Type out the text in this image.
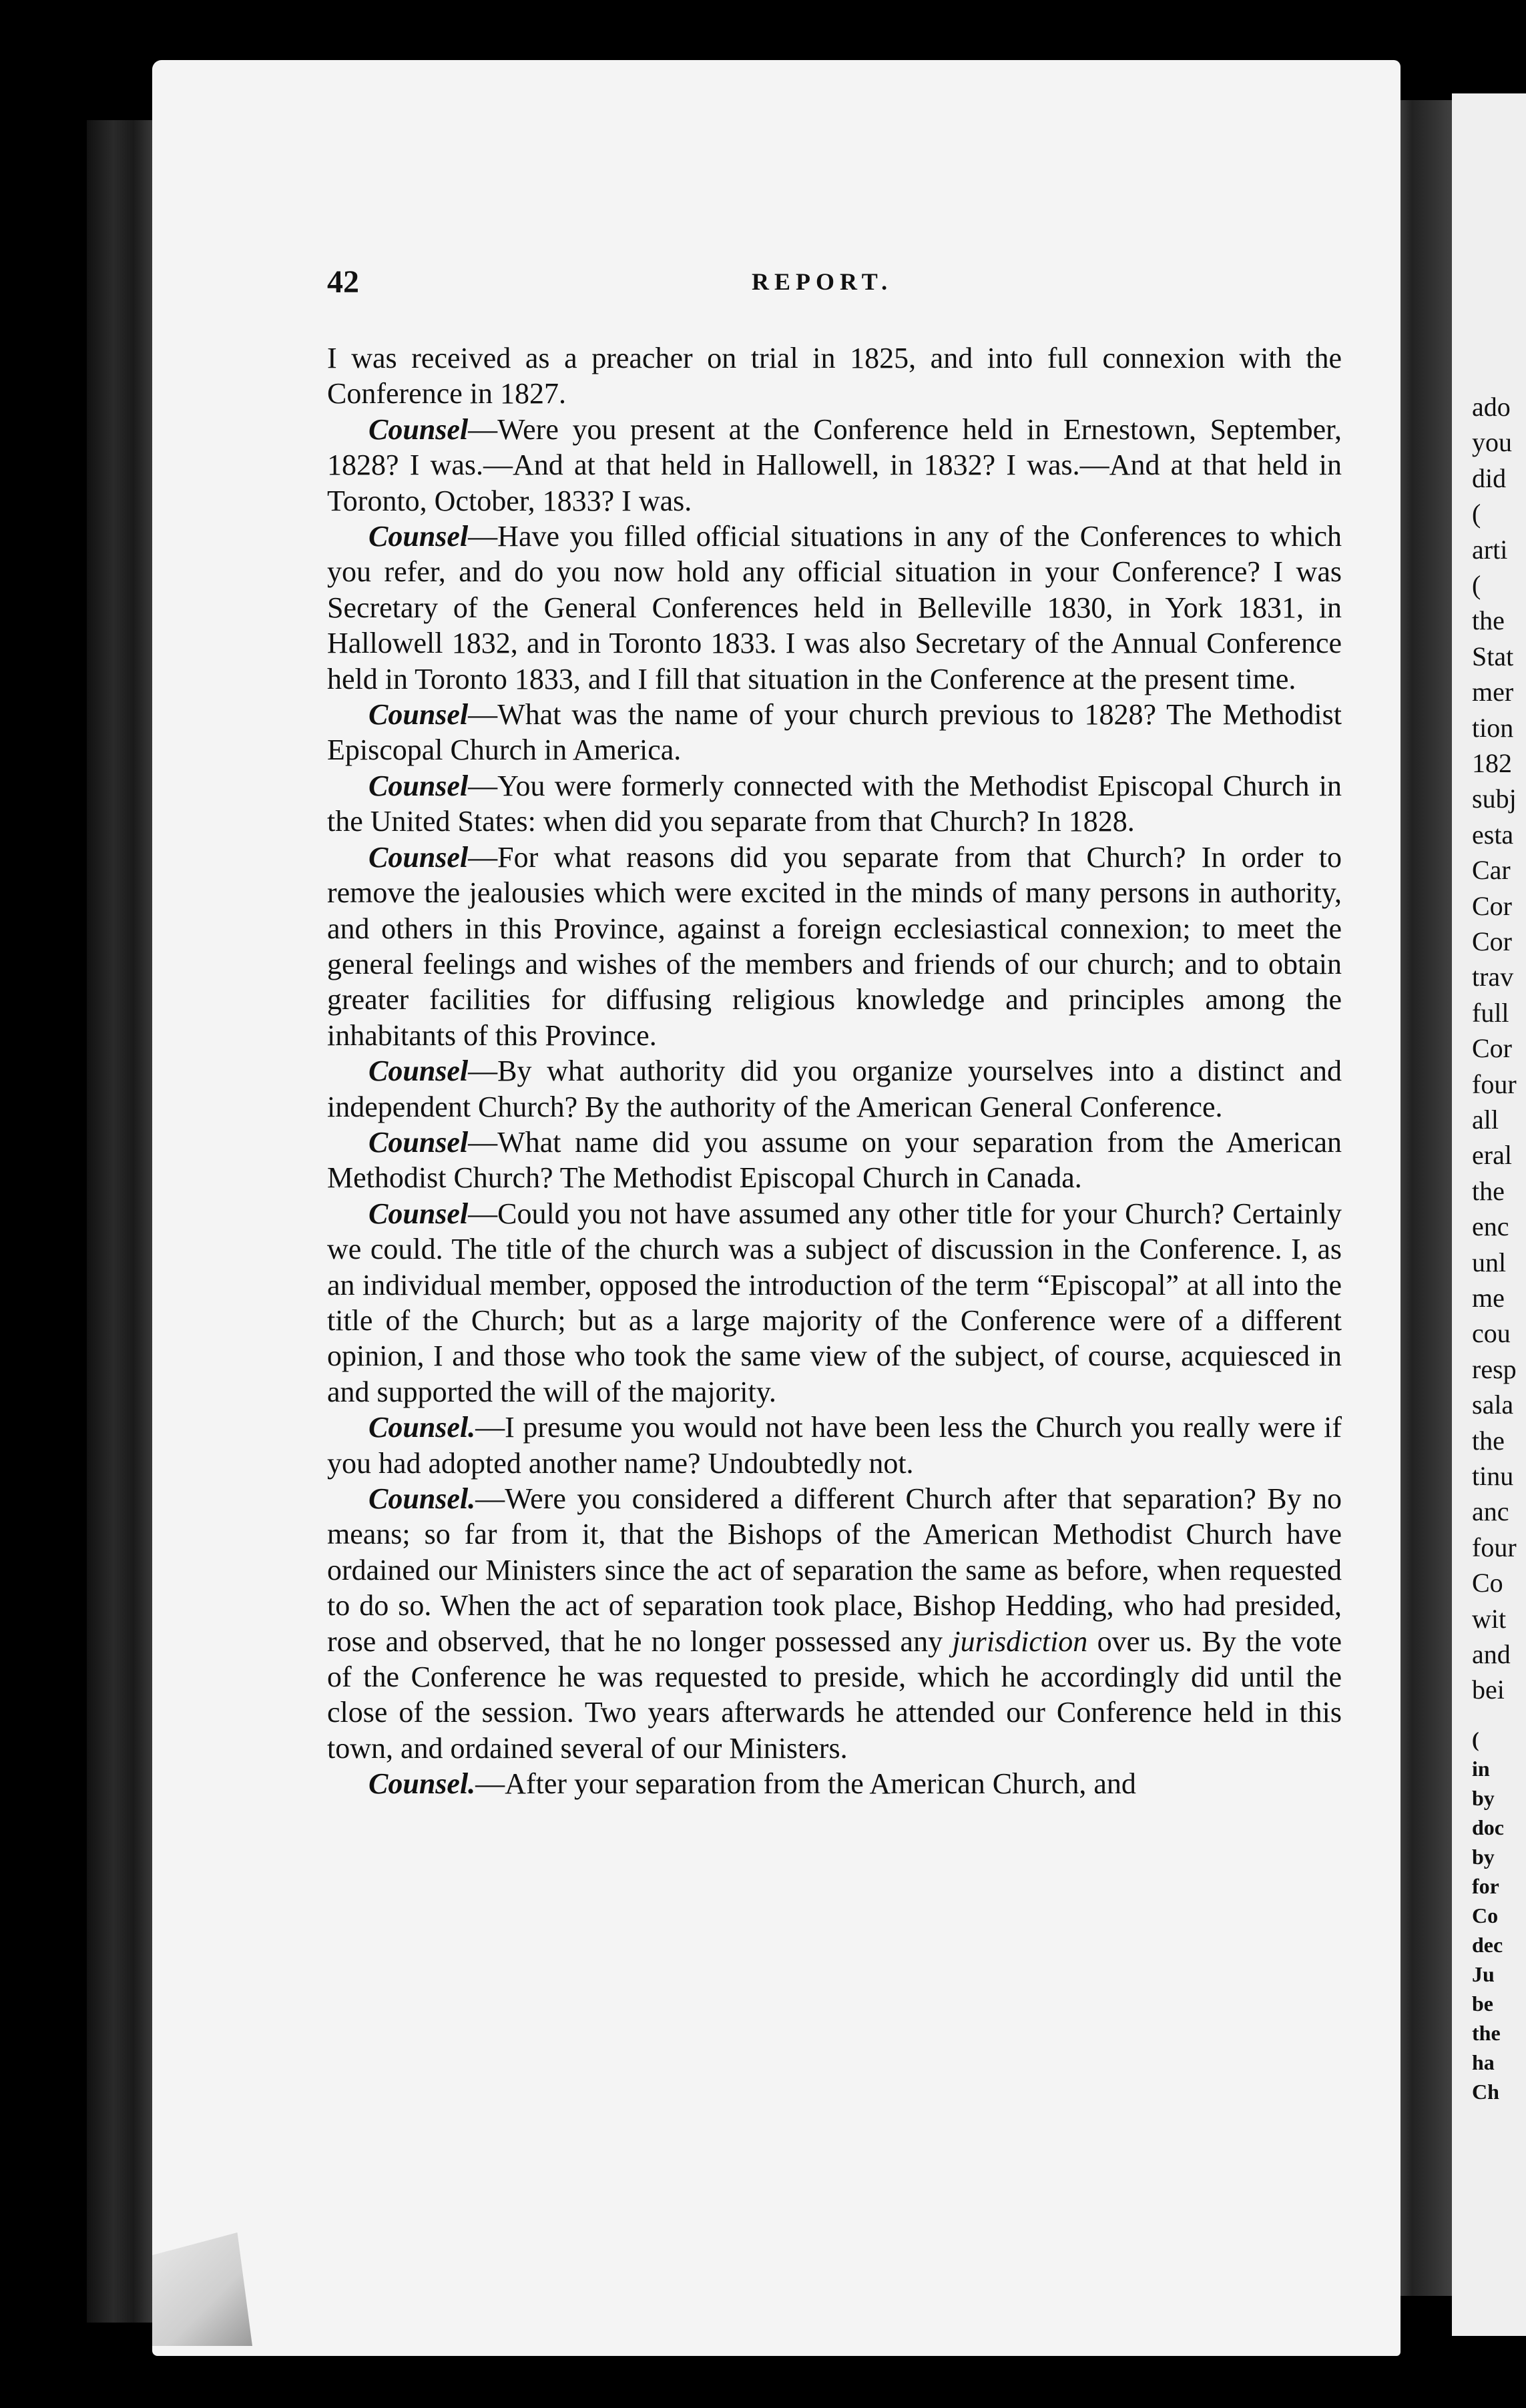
ado
you
did
(
arti
(
the
Stat
mer
tion
182
subj
esta
Car
Cor
Cor
trav
full
Cor
four
all
eral
the
enc
unl
me
cou
resp
sala
the
tinu
anc
four
Co
wit
and
bei
(
in
by
doc
by
for
Co
dec
Ju
be
the
ha
Ch
42	REPORT.

I was received as a preacher on trial in 1825, and into full connexion with the Conference in 1827.

Counsel—Were you present at the Conference held in Ernestown, September, 1828? I was.—And at that held in Hallowell, in 1832? I was.—And at that held in Toronto, October, 1833? I was.

Counsel—Have you filled official situations in any of the Conferences to which you refer, and do you now hold any official situation in your Conference? I was Secretary of the General Conferences held in Belleville 1830, in York 1831, in Hallowell 1832, and in Toronto 1833. I was also Secretary of the Annual Conference held in Toronto 1833, and I fill that situation in the Conference at the present time.

Counsel—What was the name of your church previous to 1828? The Methodist Episcopal Church in America.

Counsel—You were formerly connected with the Methodist Episcopal Church in the United States: when did you separate from that Church? In 1828.

Counsel—For what reasons did you separate from that Church? In order to remove the jealousies which were excited in the minds of many persons in authority, and others in this Province, against a foreign ecclesiastical connexion; to meet the general feelings and wishes of the members and friends of our church; and to obtain greater facilities for diffusing religious knowledge and principles among the inhabitants of this Province.

Counsel—By what authority did you organize yourselves into a distinct and independent Church? By the authority of the American General Conference.

Counsel—What name did you assume on your separation from the American Methodist Church? The Methodist Episcopal Church in Canada.

Counsel—Could you not have assumed any other title for your Church? Certainly we could. The title of the church was a subject of discussion in the Conference. I, as an individual member, opposed the introduction of the term “Episcopal” at all into the title of the Church; but as a large majority of the Conference were of a different opinion, I and those who took the same view of the subject, of course, acquiesced in and supported the will of the majority.

Counsel.—I presume you would not have been less the Church you really were if you had adopted another name? Undoubtedly not.

Counsel.—Were you considered a different Church after that separation? By no means; so far from it, that the Bishops of the American Methodist Church have ordained our Ministers since the act of separation the same as before, when requested to do so. When the act of separation took place, Bishop Hedding, who had presided, rose and observed, that he no longer possessed any jurisdiction over us. By the vote of the Conference he was requested to preside, which he accordingly did until the close of the session. Two years afterwards he attended our Conference held in this town, and ordained several of our Ministers.

Counsel.—After your separation from the American Church, and
